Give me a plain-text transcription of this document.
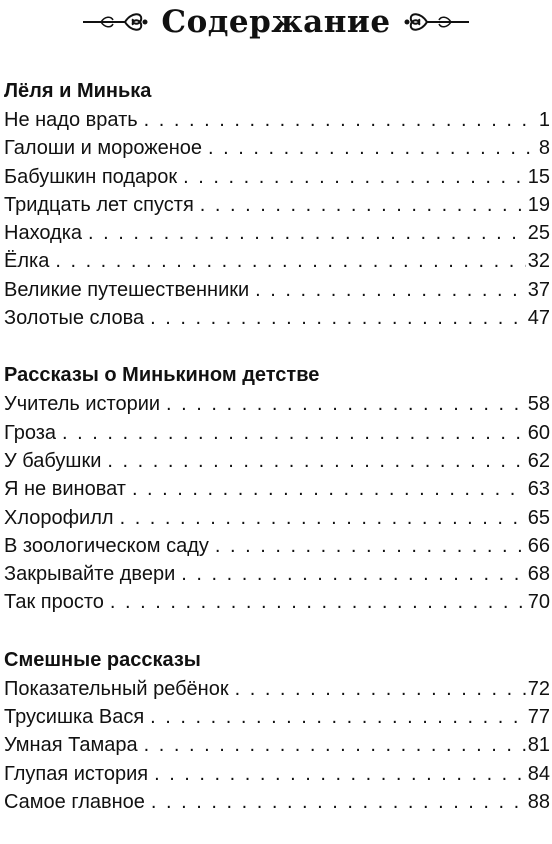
Содержание
Лёля и Минька
Не надо врать . . .	1
Галоши и мороженое . . .	8
Бабушкин подарок . . .	15
Тридцать лет спустя . . .	19
Находка . . .	25
Ёлка . . .	32
Великие путешественники . . .	37
Золотые слова . . .	47
Рассказы о Минькином детстве
Учитель истории . . .	58
Гроза . . .	60
У бабушки . . .	62
Я не виноват . . .	63
Хлорофилл . . .	65
В зоологическом саду . . .	66
Закрывайте двери . . .	68
Так просто . . .	70
Смешные рассказы
Показательный ребёнок . . .	72
Трусишка Вася . . .	77
Умная Тамара . . .	81
Глупая история . . .	84
Самое главное . . .	88
